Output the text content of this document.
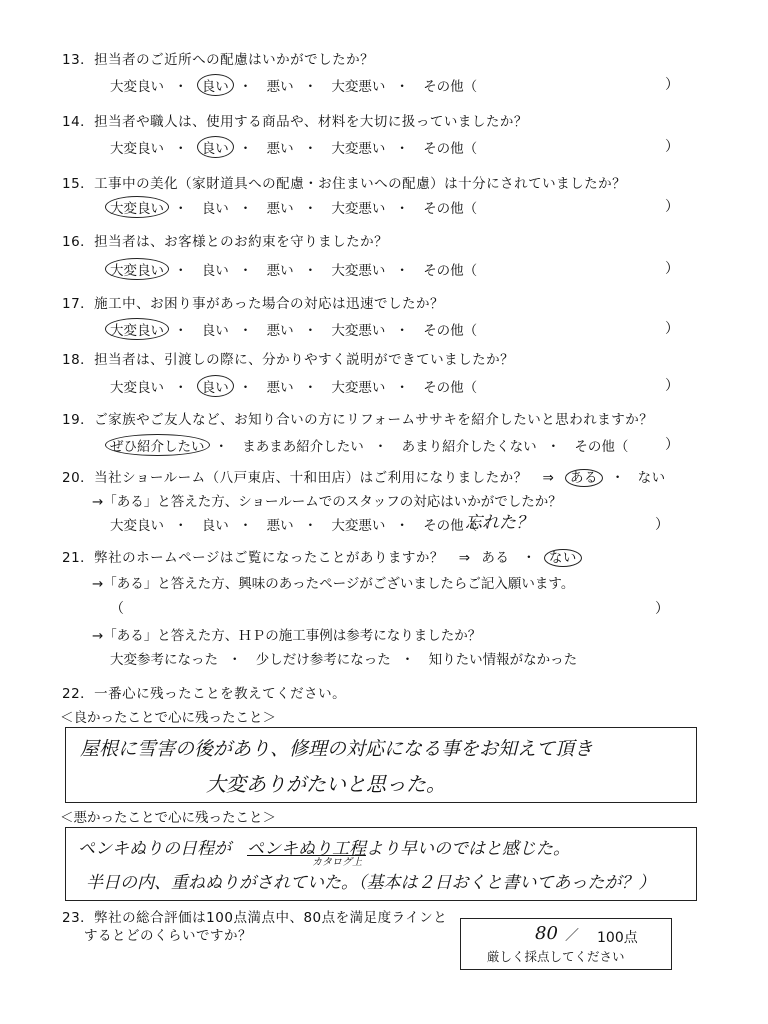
13．担当者のご近所への配慮はいかがでしたか？
大変良い ・ 良い ・ 悪い ・ 大変悪い ・ その他（	）
14．担当者や職人は、使用する商品や、材料を大切に扱っていましたか？
大変良い ・ 良い ・ 悪い ・ 大変悪い ・ その他（	）
15．工事中の美化（家財道具への配慮・お住まいへの配慮）は十分にされていましたか？
大変良い ・ 良い ・ 悪い ・ 大変悪い ・ その他（	）
16．担当者は、お客様とのお約束を守りましたか？
大変良い ・ 良い ・ 悪い ・ 大変悪い ・ その他（	）
17．施工中、お困り事があった場合の対応は迅速でしたか？
大変良い ・ 良い ・ 悪い ・ 大変悪い ・ その他（	）
18．担当者は、引渡しの際に、分かりやすく説明ができていましたか？
大変良い ・ 良い ・ 悪い ・ 大変悪い ・ その他（	）
19．ご家族やご友人など、お知り合いの方にリフォームササキを紹介したいと思われますか？
ぜひ紹介したい ・ まあまあ紹介したい ・ あまり紹介したくない ・ その他（	）
20．当社ショールーム（八戸東店、十和田店）はご利用になりましたか？ ⇒ ある ・ ない
→「ある」と答えた方、ショールームでのスタッフの対応はいかがでしたか？
大変良い ・ 良い ・ 悪い ・ 大変悪い ・ その他（
忘れた？	）
21．弊社のホームページはご覧になったことがありますか？ ⇒ ある ・ ない
→「ある」と答えた方、興味のあったページがございましたらご記入願います。
（	）
→「ある」と答えた方、ＨＰの施工事例は参考になりましたか？
大変参考になった ・ 少しだけ参考になった ・ 知りたい情報がなかった
22．一番心に残ったことを教えてください。
＜良かったことで心に残ったこと＞
屋根に雪害の後があり、修理の対応になる事をお知えて頂き
大変ありがたいと思った。
＜悪かったことで心に残ったこと＞
ペンキぬりの日程が ペンキぬり工程より早いのではと感じた。
カタログ上
半日の内、重ねぬりがされていた。（基本は２日おくと書いてあったが？）
23．弊社の総合評価は100点満点中、80点を満足度ラインと
するとどのくらいですか？	80 ／ 100点
厳しく採点してください
